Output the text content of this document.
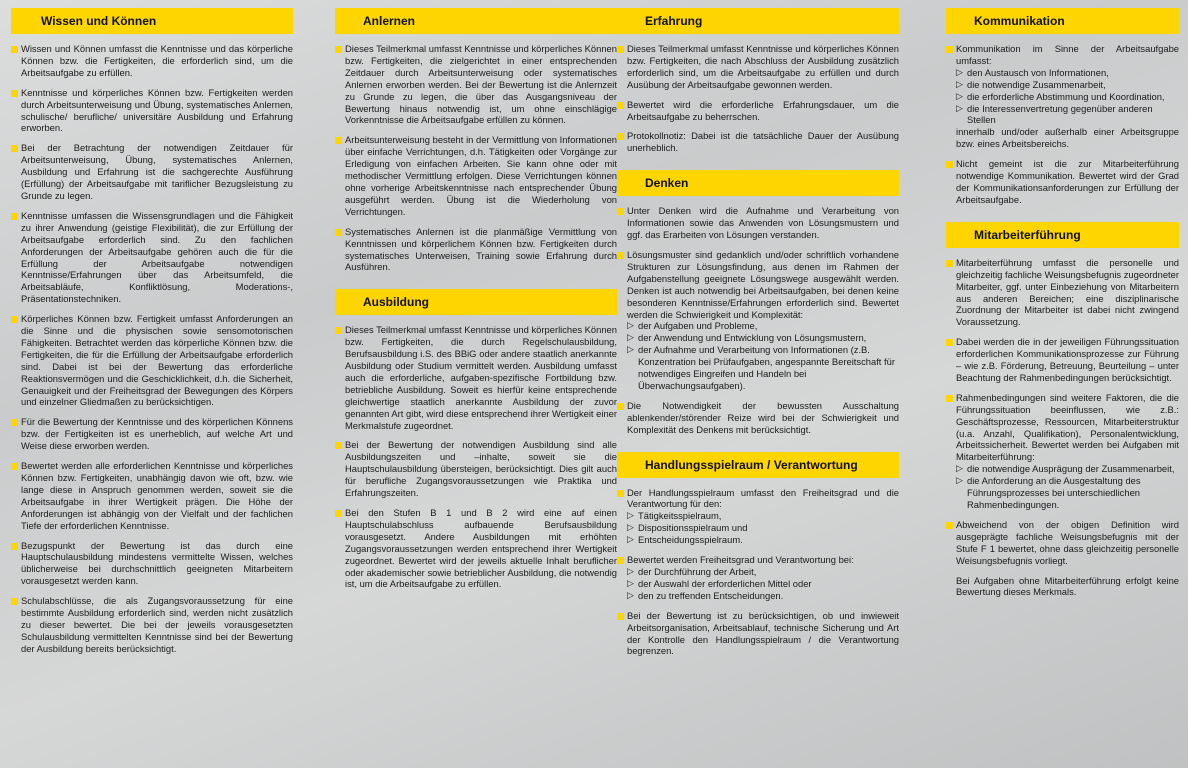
Wissen und Können
Wissen und Können umfasst die Kenntnisse und das körperliche Können bzw. die Fertigkeiten, die erforderlich sind, um die Arbeitsaufgabe zu erfüllen.
Kenntnisse und körperliches Können bzw. Fertigkeiten werden durch Arbeitsunterweisung und Übung, systematisches Anlernen, schulische/ berufliche/ universitäre Ausbildung und Erfahrung erworben.
Bei der Betrachtung der notwendigen Zeitdauer für Arbeitsunterweisung, Übung, systematisches Anlernen, Ausbildung und Erfahrung ist die sachgerechte Ausführung (Erfüllung) der Arbeitsaufgabe mit tariflicher Bezugsleistung zu Grunde zu legen.
Kenntnisse umfassen die Wissensgrundlagen und die Fähigkeit zu ihrer Anwendung (geistige Flexibilität), die zur Erfüllung der Arbeitsaufgabe erforderlich sind. Zu den fachlichen Anforderungen der Arbeitsaufgabe gehören auch die für die Erfüllung der Arbeitsaufgabe notwendigen Kenntnisse/Erfahrungen über das Arbeitsumfeld, die Arbeitsabläufe, Konfliktlösung, Moderations-, Präsentationstechniken.
Körperliches Können bzw. Fertigkeit umfasst Anforderungen an die Sinne und die physischen sowie sensomotorischen Fähigkeiten. Betrachtet werden das körperliche Können bzw. die Fertigkeiten, die für die Erfüllung der Arbeitsaufgabe erforderlich sind. Dabei ist bei der Bewertung das erforderliche Reaktionsvermögen und die Geschicklichkeit, d.h. die Sicherheit, Genauigkeit und der Freiheitsgrad der Bewegungen des Körpers und einzelner Gliedmaßen zu berücksichtigen.
Für die Bewertung der Kenntnisse und des körperlichen Könnens bzw. der Fertigkeiten ist es unerheblich, auf welche Art und Weise diese erworben werden.
Bewertet werden alle erforderlichen Kenntnisse und körperliches Können bzw. Fertigkeiten, unabhängig davon wie oft, bzw. wie lange diese in Anspruch genommen werden, soweit sie die Arbeitsaufgabe in ihrer Wertigkeit prägen. Die Höhe der Anforderungen ist abhängig von der Vielfalt und der fachlichen Tiefe der erforderlichen Kenntnisse.
Bezugspunkt der Bewertung ist das durch eine Hauptschulausbildung mindestens vermittelte Wissen, welches üblicherweise bei durchschnittlich geeigneten Mitarbeitern vorausgesetzt werden kann.
Schulabschlüsse, die als Zugangsvoraussetzung für eine bestimmte Ausbildung erforderlich sind, werden nicht zusätzlich zu dieser bewertet. Die bei der jeweils vorausgesetzten Schulausbildung vermittelten Kenntnisse sind bei der Bewertung der Ausbildung bereits berücksichtigt.
Anlernen
Dieses Teilmerkmal umfasst Kenntnisse und körperliches Können bzw. Fertigkeiten, die zielgerichtet in einer entsprechenden Zeitdauer durch Arbeitsunterweisung oder systematisches Anlernen erworben werden. Bei der Bewertung ist die Anlernzeit zu Grunde zu legen, die über das Ausgangsniveau der Bewertung hinaus notwendig ist, um ohne einschlägige Vorkenntnisse die Arbeitsaufgabe erfüllen zu können.
Arbeitsunterweisung besteht in der Vermittlung von Informationen über einfache Verrichtungen, d.h. Tätigkeiten oder Vorgänge zur Erledigung von einfachen Arbeiten. Sie kann ohne oder mit methodischer Vermittlung erfolgen. Diese Verrichtungen können ohne vorherige Arbeitskenntnisse nach entsprechender Übung ausgeführt werden. Übung ist die Wiederholung von Verrichtungen.
Systematisches Anlernen ist die planmäßige Vermittlung von Kenntnissen und körperlichem Können bzw. Fertigkeiten durch systematisches Unterweisen, Training sowie Erfahrung durch Ausführen.
Ausbildung
Dieses Teilmerkmal umfasst Kenntnisse und körperliches Können bzw. Fertigkeiten, die durch Regelschulausbildung, Berufsausbildung i.S. des BBiG oder andere staatlich anerkannte Ausbildung oder Studium vermittelt werden. Ausbildung umfasst auch die erforderliche, aufgaben-spezifische Fortbildung bzw. betriebliche Ausbildung. Soweit es hierfür keine entsprechende gleichwertige staatlich anerkannte Ausbildung der zuvor genannten Art gibt, wird diese entsprechend ihrer Wertigkeit einer Merkmalstufe zugeordnet.
Bei der Bewertung der notwendigen Ausbildung sind alle Ausbildungszeiten und –inhalte, soweit sie die Hauptschulausbildung übersteigen, berücksichtigt. Dies gilt auch für berufliche Zugangsvoraussetzungen wie Praktika und Erfahrungszeiten.
Bei den Stufen B 1 und B 2 wird eine auf einen Hauptschulabschluss aufbauende Berufsausbildung vorausgesetzt. Andere Ausbildungen mit erhöhten Zugangsvoraussetzungen werden entsprechend ihrer Wertigkeit zugeordnet. Bewertet wird der jeweils aktuelle Inhalt beruflicher oder akademischer sowie betrieblicher Ausbildung, die notwendig ist, um die Arbeitsaufgabe zu erfüllen.
Erfahrung
Dieses Teilmerkmal umfasst Kenntnisse und körperliches Können bzw. Fertigkeiten, die nach Abschluss der Ausbildung zusätzlich erforderlich sind, um die Arbeitsaufgabe zu erfüllen und durch Ausübung der Arbeitsaufgabe gewonnen werden.
Bewertet wird die erforderliche Erfahrungsdauer, um die Arbeitsaufgabe zu beherrschen.
Protokollnotiz: Dabei ist die tatsächliche Dauer der Ausübung unerheblich.
Denken
Unter Denken wird die Aufnahme und Verarbeitung von Informationen sowie das Anwenden von Lösungsmustern und ggf. das Erarbeiten von Lösungen verstanden.
Lösungsmuster sind gedanklich und/oder schriftlich vorhandene Strukturen zur Lösungsfindung, aus denen im Rahmen der Aufgabenstellung geeignete Lösungswege ausgewählt werden. Denken ist auch notwendig bei Arbeitsaufgaben, bei denen keine besonderen Kenntnisse/Erfahrungen erforderlich sind. Bewertet werden die Schwierigkeit und Komplexität:
▷ der Aufgaben und Probleme,
▷ der Anwendung und Entwicklung von Lösungsmustern,
▷ der Aufnahme und Verarbeitung von Informationen (z.B. Konzentration bei Prüfaufgaben, angespannte Bereitschaft für notwendiges Eingreifen und Handeln bei Überwachungsaufgaben).
Die Notwendigkeit der bewussten Ausschaltung ablenkender/störender Reize wird bei der Schwierigkeit und Komplexität des Denkens mit berücksichtigt.
Handlungsspielraum / Verantwortung
Der Handlungsspielraum umfasst den Freiheitsgrad und die Verantwortung für den:
▷ Tätigkeitsspielraum,
▷ Dispositionsspielraum und
▷ Entscheidungsspielraum.
Bewertet werden Freiheitsgrad und Verantwortung bei:
▷ der Durchführung der Arbeit,
▷ der Auswahl der erforderlichen Mittel oder
▷ den zu treffenden Entscheidungen.
Bei der Bewertung ist zu berücksichtigen, ob und inwieweit Arbeitsorganisation, Arbeitsablauf, technische Sicherung und Art der Kontrolle den Handlungsspielraum / die Verantwortung begrenzen.
Kommunikation
Kommunikation im Sinne der Arbeitsaufgabe umfasst:
▷ den Austausch von Informationen,
▷ die notwendige Zusammenarbeit,
▷ die erforderliche Abstimmung und Koordination,
▷ die Interessenvertretung gegenüber anderen Stellen
innerhalb und/oder außerhalb einer Arbeitsgruppe bzw. eines Arbeitsbereichs.
Nicht gemeint ist die zur Mitarbeiterführung notwendige Kommunikation. Bewertet wird der Grad der Kommunikationsanforderungen zur Erfüllung der Arbeitsaufgabe.
Mitarbeiterführung
Mitarbeiterführung umfasst die personelle und gleichzeitig fachliche Weisungsbefugnis zugeordneter Mitarbeiter, ggf. unter Einbeziehung von Mitarbeitern aus anderen Bereichen; eine disziplinarische Zuordnung der Mitarbeiter ist dabei nicht zwingend Voraussetzung.
Dabei werden die in der jeweiligen Führungssituation erforderlichen Kommunikationsprozesse zur Führung – wie z.B. Förderung, Betreuung, Beurteilung – unter Beachtung der Rahmenbedingungen berücksichtigt.
Rahmenbedingungen sind weitere Faktoren, die die Führungssituation beeinflussen, wie z.B.: Geschäftsprozesse, Ressourcen, Mitarbeiterstruktur (u.a. Anzahl, Qualifikation), Personalentwicklung, Arbeitssicherheit. Bewertet werden bei Aufgaben mit Mitarbeiterführung:
▷ die notwendige Ausprägung der Zusammenarbeit,
▷ die Anforderung an die Ausgestaltung des Führungsprozesses bei unterschiedlichen Rahmenbedingungen.
Abweichend von der obigen Definition wird ausgeprägte fachliche Weisungsbefugnis mit der Stufe F 1 bewertet, ohne dass gleichzeitig personelle Weisungsbefugnis vorliegt.
Bei Aufgaben ohne Mitarbeiterführung erfolgt keine Bewertung dieses Merkmals.
